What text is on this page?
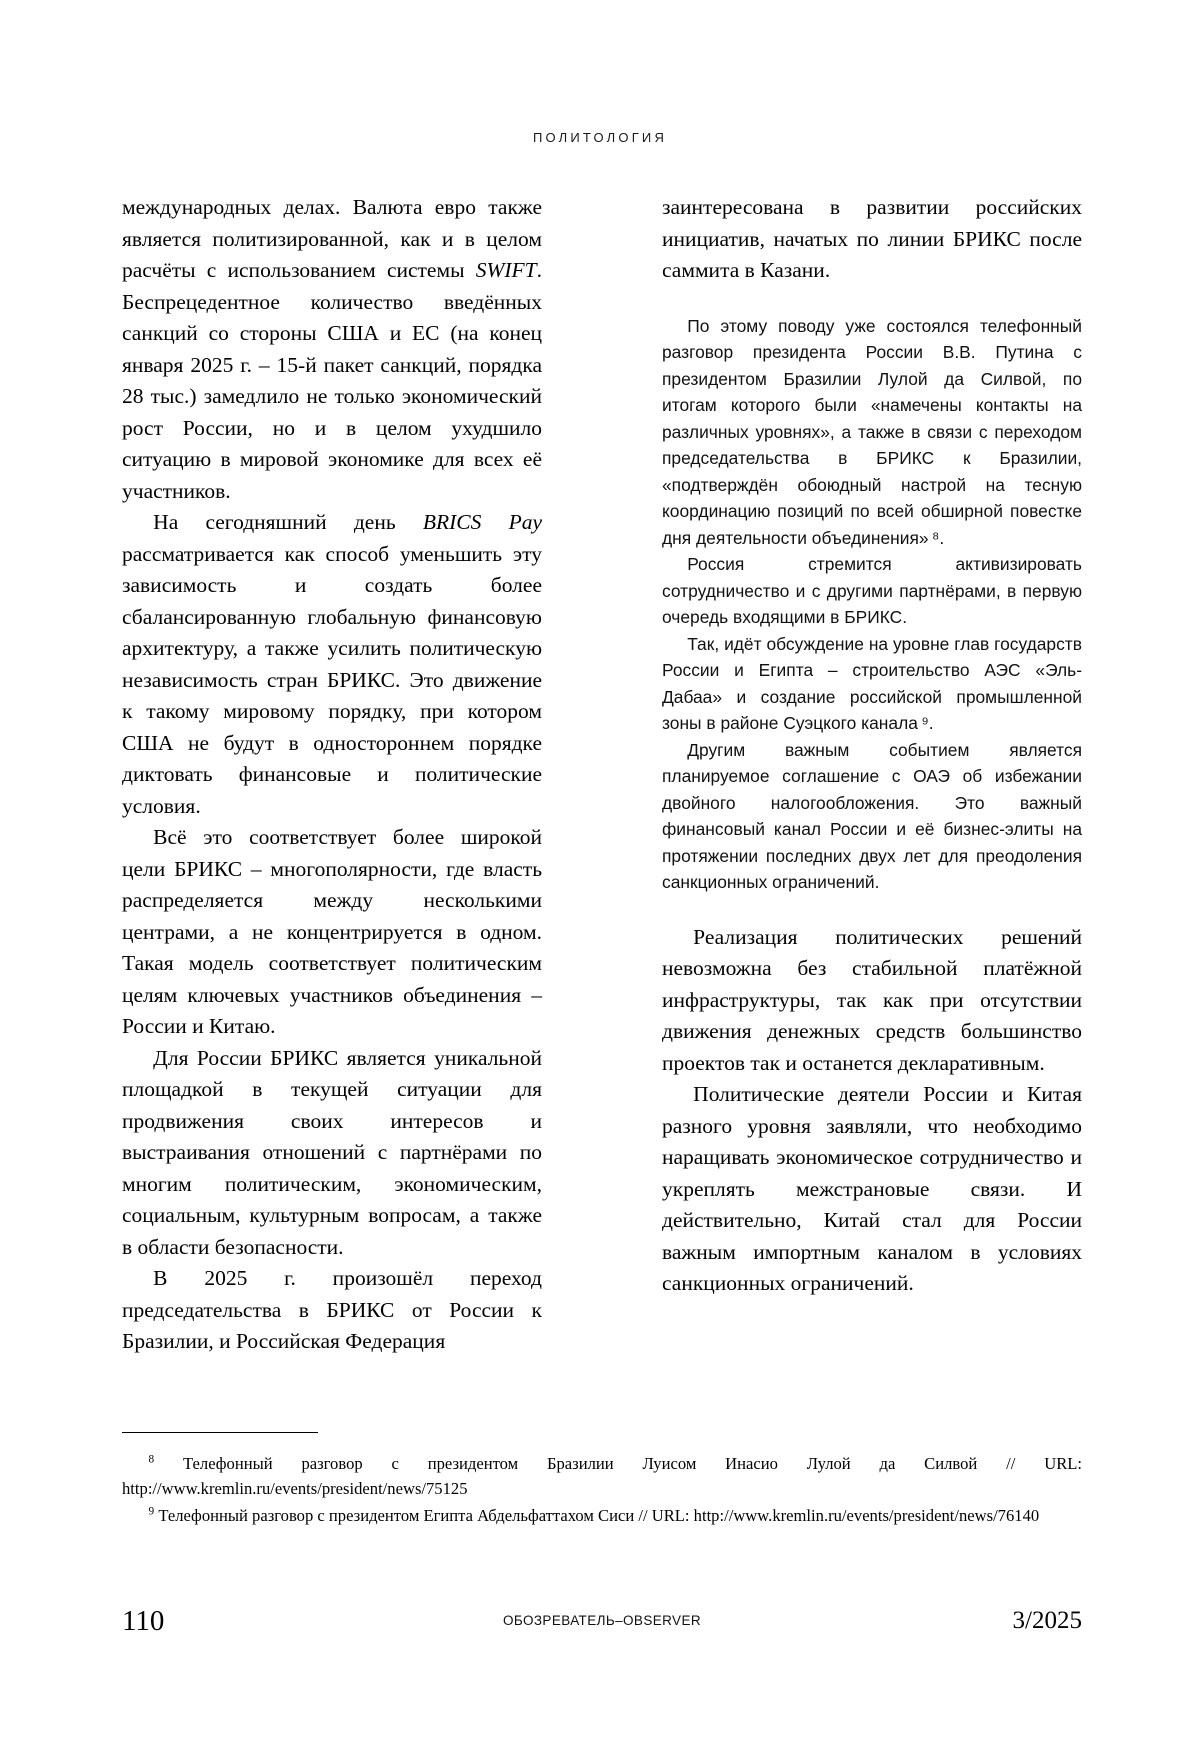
ПОЛИТОЛОГИЯ

международных делах. Валюта евро также является политизированной, как и в целом расчёты с использованием системы SWIFT. Беспрецедентное количество введённых санкций со стороны США и ЕС (на конец января 2025 г. – 15-й пакет санкций, порядка 28 тыс.) замедлило не только экономический рост России, но и в целом ухудшило ситуацию в мировой экономике для всех её участников.

На сегодняшний день BRICS Pay рассматривается как способ уменьшить эту зависимость и создать более сбалансированную глобальную финансовую архитектуру, а также усилить политическую независимость стран БРИКС. Это движение к такому мировому порядку, при котором США не будут в одностороннем порядке диктовать финансовые и политические условия.

Всё это соответствует более широкой цели БРИКС – многополярности, где власть распределяется между несколькими центрами, а не концентрируется в одном. Такая модель соответствует политическим целям ключевых участников объединения – России и Китаю.

Для России БРИКС является уникальной площадкой в текущей ситуации для продвижения своих интересов и выстраивания отношений с партнёрами по многим политическим, экономическим, социальным, культурным вопросам, а также в области безопасности.

В 2025 г. произошёл переход председательства в БРИКС от России к Бразилии, и Российская Федерация

заинтересована в развитии российских инициатив, начатых по линии БРИКС после саммита в Казани.

По этому поводу уже состоялся телефонный разговор президента России В.В. Путина с президентом Бразилии Лулой да Силвой, по итогам которого были «намечены контакты на различных уровнях», а также в связи с переходом председательства в БРИКС к Бразилии, «подтверждён обоюдный настрой на тесную координацию позиций по всей обширной повестке дня деятельности объединения» ⁸.

Россия стремится активизировать сотрудничество и с другими партнёрами, в первую очередь входящими в БРИКС.

Так, идёт обсуждение на уровне глав государств России и Египта – строительство АЭС «Эль-Дабаа» и создание российской промышленной зоны в районе Суэцкого канала ⁹.

Другим важным событием является планируемое соглашение с ОАЭ об избежании двойного налогообложения. Это важный финансовый канал России и её бизнес-элиты на протяжении последних двух лет для преодоления санкционных ограничений.

Реализация политических решений невозможна без стабильной платёжной инфраструктуры, так как при отсутствии движения денежных средств большинство проектов так и останется декларативным.

Политические деятели России и Китая разного уровня заявляли, что необходимо наращивать экономическое сотрудничество и укреплять межстрановые связи. И действительно, Китай стал для России важным импортным каналом в условиях санкционных ограничений.

$^8$ Телефонный разговор с президентом Бразилии Луисом Инасио Лулой да Силвой // URL: http://www.kremlin.ru/events/president/news/75125

$^9$ Телефонный разговор с президентом Египта Абдельфаттахом Сиси // URL: http://www.kremlin.ru/events/president/news/76140

110	ОБОЗРЕВАТЕЛЬ–OBSERVER	3/2025
